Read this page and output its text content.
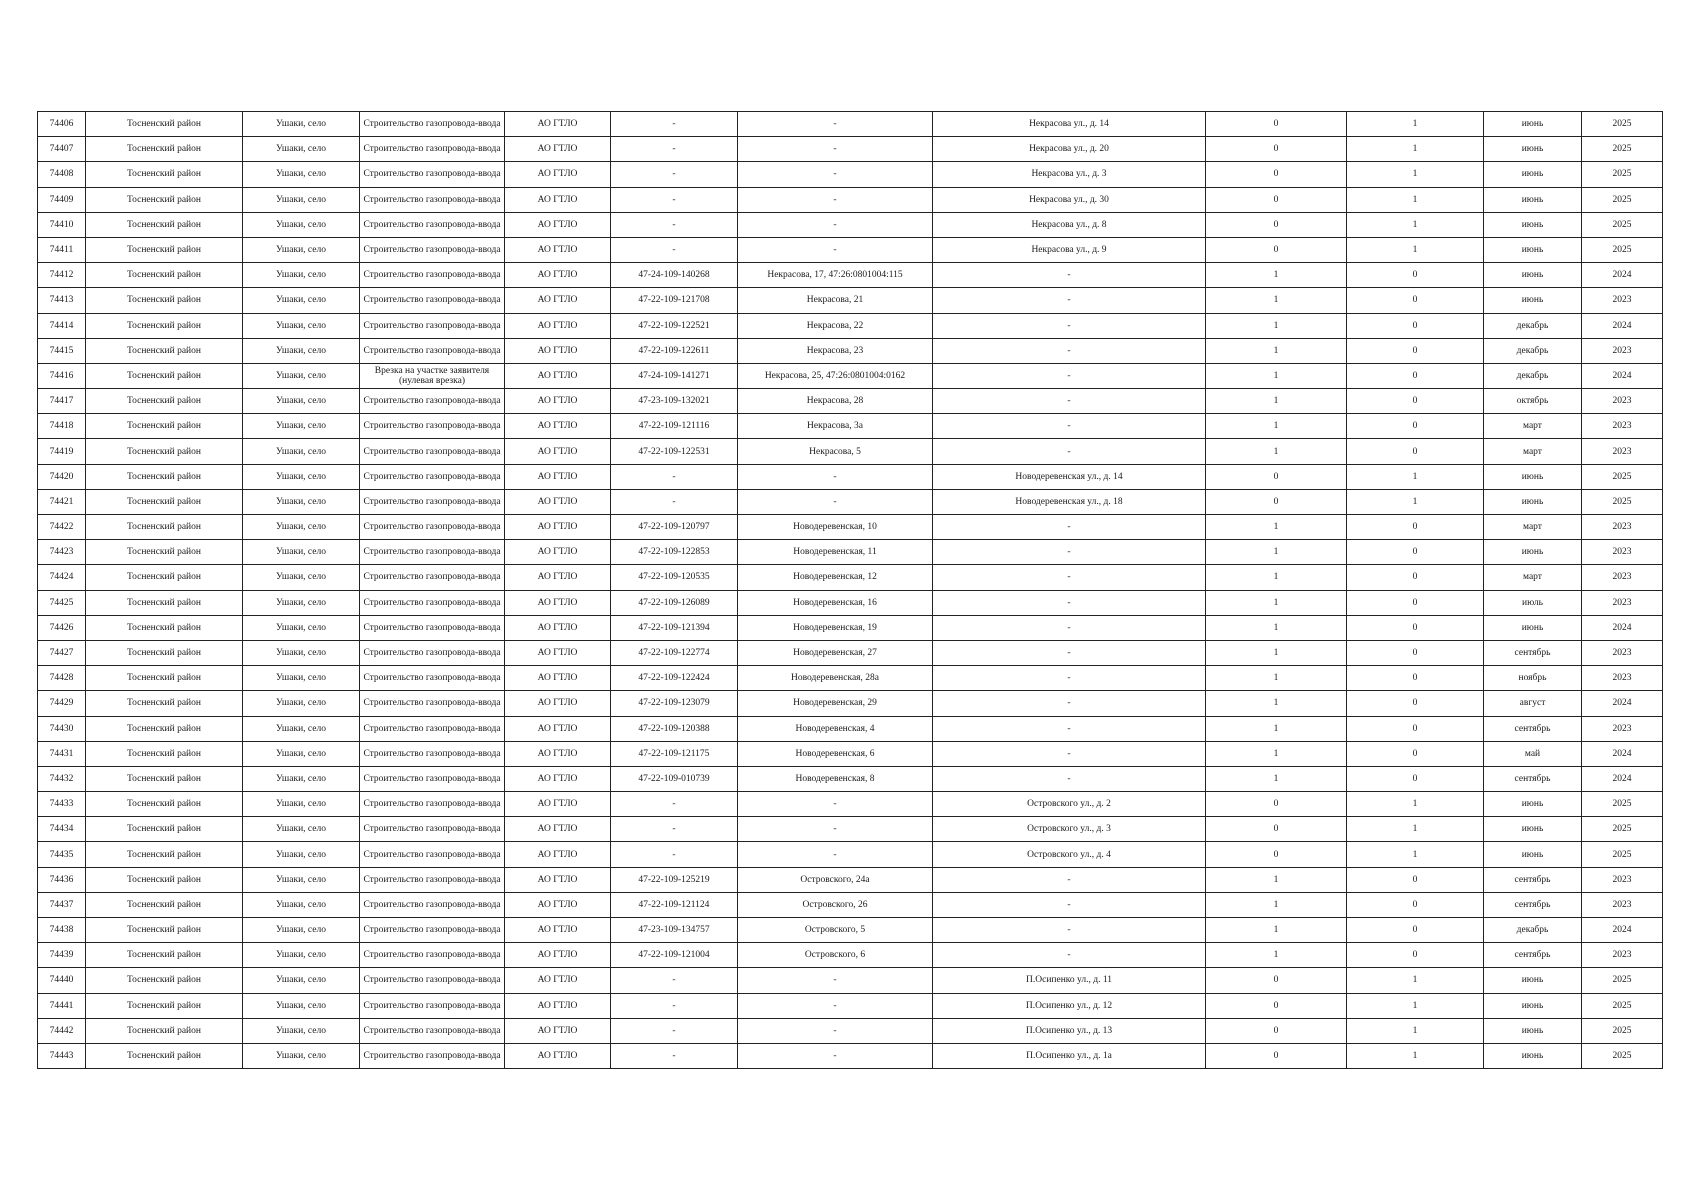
74406	Тосненский район	Ушаки, село	Строительство газопровода-ввода	АО ГТЛО	-	-	Некрасова ул., д. 14	0	1	июнь	2025
74407	Тосненский район	Ушаки, село	Строительство газопровода-ввода	АО ГТЛО	-	-	Некрасова ул., д. 20	0	1	июнь	2025
74408	Тосненский район	Ушаки, село	Строительство газопровода-ввода	АО ГТЛО	-	-	Некрасова ул., д. 3	0	1	июнь	2025
74409	Тосненский район	Ушаки, село	Строительство газопровода-ввода	АО ГТЛО	-	-	Некрасова ул., д. 30	0	1	июнь	2025
74410	Тосненский район	Ушаки, село	Строительство газопровода-ввода	АО ГТЛО	-	-	Некрасова ул., д. 8	0	1	июнь	2025
74411	Тосненский район	Ушаки, село	Строительство газопровода-ввода	АО ГТЛО	-	-	Некрасова ул., д. 9	0	1	июнь	2025
74412	Тосненский район	Ушаки, село	Строительство газопровода-ввода	АО ГТЛО	47-24-109-140268	Некрасова, 17, 47:26:0801004:115	-	1	0	июнь	2024
74413	Тосненский район	Ушаки, село	Строительство газопровода-ввода	АО ГТЛО	47-22-109-121708	Некрасова, 21	-	1	0	июнь	2023
74414	Тосненский район	Ушаки, село	Строительство газопровода-ввода	АО ГТЛО	47-22-109-122521	Некрасова, 22	-	1	0	декабрь	2024
74415	Тосненский район	Ушаки, село	Строительство газопровода-ввода	АО ГТЛО	47-22-109-122611	Некрасова, 23	-	1	0	декабрь	2023
74416	Тосненский район	Ушаки, село	Врезка на участке заявителя (нулевая врезка)	АО ГТЛО	47-24-109-141271	Некрасова, 25, 47:26:0801004:0162	-	1	0	декабрь	2024
74417	Тосненский район	Ушаки, село	Строительство газопровода-ввода	АО ГТЛО	47-23-109-132021	Некрасова, 28	-	1	0	октябрь	2023
74418	Тосненский район	Ушаки, село	Строительство газопровода-ввода	АО ГТЛО	47-22-109-121116	Некрасова, 3а	-	1	0	март	2023
74419	Тосненский район	Ушаки, село	Строительство газопровода-ввода	АО ГТЛО	47-22-109-122531	Некрасова, 5	-	1	0	март	2023
74420	Тосненский район	Ушаки, село	Строительство газопровода-ввода	АО ГТЛО	-	-	Новодеревенская ул., д. 14	0	1	июнь	2025
74421	Тосненский район	Ушаки, село	Строительство газопровода-ввода	АО ГТЛО	-	-	Новодеревенская ул., д. 18	0	1	июнь	2025
74422	Тосненский район	Ушаки, село	Строительство газопровода-ввода	АО ГТЛО	47-22-109-120797	Новодеревенская, 10	-	1	0	март	2023
74423	Тосненский район	Ушаки, село	Строительство газопровода-ввода	АО ГТЛО	47-22-109-122853	Новодеревенская, 11	-	1	0	июнь	2023
74424	Тосненский район	Ушаки, село	Строительство газопровода-ввода	АО ГТЛО	47-22-109-120535	Новодеревенская, 12	-	1	0	март	2023
74425	Тосненский район	Ушаки, село	Строительство газопровода-ввода	АО ГТЛО	47-22-109-126089	Новодеревенская, 16	-	1	0	июль	2023
74426	Тосненский район	Ушаки, село	Строительство газопровода-ввода	АО ГТЛО	47-22-109-121394	Новодеревенская, 19	-	1	0	июнь	2024
74427	Тосненский район	Ушаки, село	Строительство газопровода-ввода	АО ГТЛО	47-22-109-122774	Новодеревенская, 27	-	1	0	сентябрь	2023
74428	Тосненский район	Ушаки, село	Строительство газопровода-ввода	АО ГТЛО	47-22-109-122424	Новодеревенская, 28а	-	1	0	ноябрь	2023
74429	Тосненский район	Ушаки, село	Строительство газопровода-ввода	АО ГТЛО	47-22-109-123079	Новодеревенская, 29	-	1	0	август	2024
74430	Тосненский район	Ушаки, село	Строительство газопровода-ввода	АО ГТЛО	47-22-109-120388	Новодеревенская, 4	-	1	0	сентябрь	2023
74431	Тосненский район	Ушаки, село	Строительство газопровода-ввода	АО ГТЛО	47-22-109-121175	Новодеревенская, 6	-	1	0	май	2024
74432	Тосненский район	Ушаки, село	Строительство газопровода-ввода	АО ГТЛО	47-22-109-010739	Новодеревенская, 8	-	1	0	сентябрь	2024
74433	Тосненский район	Ушаки, село	Строительство газопровода-ввода	АО ГТЛО	-	-	Островского ул., д. 2	0	1	июнь	2025
74434	Тосненский район	Ушаки, село	Строительство газопровода-ввода	АО ГТЛО	-	-	Островского ул., д. 3	0	1	июнь	2025
74435	Тосненский район	Ушаки, село	Строительство газопровода-ввода	АО ГТЛО	-	-	Островского ул., д. 4	0	1	июнь	2025
74436	Тосненский район	Ушаки, село	Строительство газопровода-ввода	АО ГТЛО	47-22-109-125219	Островского, 24а	-	1	0	сентябрь	2023
74437	Тосненский район	Ушаки, село	Строительство газопровода-ввода	АО ГТЛО	47-22-109-121124	Островского, 26	-	1	0	сентябрь	2023
74438	Тосненский район	Ушаки, село	Строительство газопровода-ввода	АО ГТЛО	47-23-109-134757	Островского, 5	-	1	0	декабрь	2024
74439	Тосненский район	Ушаки, село	Строительство газопровода-ввода	АО ГТЛО	47-22-109-121004	Островского, 6	-	1	0	сентябрь	2023
74440	Тосненский район	Ушаки, село	Строительство газопровода-ввода	АО ГТЛО	-	-	П.Осипенко ул., д. 11	0	1	июнь	2025
74441	Тосненский район	Ушаки, село	Строительство газопровода-ввода	АО ГТЛО	-	-	П.Осипенко ул., д. 12	0	1	июнь	2025
74442	Тосненский район	Ушаки, село	Строительство газопровода-ввода	АО ГТЛО	-	-	П.Осипенко ул., д. 13	0	1	июнь	2025
74443	Тосненский район	Ушаки, село	Строительство газопровода-ввода	АО ГТЛО	-	-	П.Осипенко ул., д. 1а	0	1	июнь	2025
